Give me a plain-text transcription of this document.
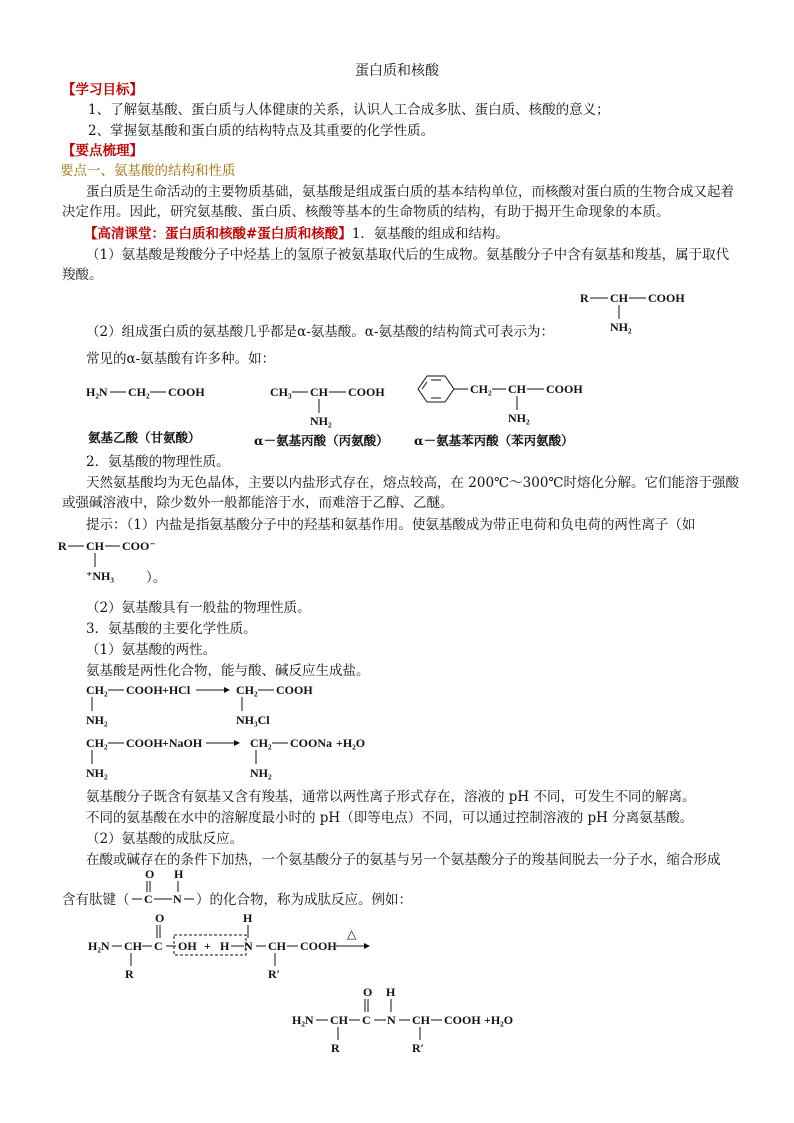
蛋白质和核酸
【学习目标】
1、了解氨基酸、蛋白质与人体健康的关系，认识人工合成多肽、蛋白质、核酸的意义；
2、掌握氨基酸和蛋白质的结构特点及其重要的化学性质。
【要点梳理】
要点一、氨基酸的结构和性质
蛋白质是生命活动的主要物质基础，氨基酸是组成蛋白质的基本结构单位，而核酸对蛋白质的生物合成又起着决定作用。因此，研究氨基酸、蛋白质、核酸等基本的生命物质的结构，有助于揭开生命现象的本质。
【高清课堂：蛋白质和核酸#蛋白质和核酸】1．氨基酸的组成和结构。
（1）氨基酸是羧酸分子中烃基上的氢原子被氨基取代后的生成物。氨基酸分子中含有氨基和羧基，属于取代羧酸。
R CH COOH
NH₂
（2）组成蛋白质的氨基酸几乎都是α-氨基酸。α-氨基酸的结构简式可表示为：
常见的α-氨基酸有许多种。如：
H₂N CH₂ COOH	CH₃ CH COOH
NH₂
CH₂ CH COOH
NH₂
氨基乙酸（甘氨酸）	α－氨基丙酸（丙氨酸） α－氨基苯丙酸（苯丙氨酸）
2．氨基酸的物理性质。
天然氨基酸均为无色晶体，主要以内盐形式存在，熔点较高，在 200℃～300℃时熔化分解。它们能溶于强酸或强碱溶液中，除少数外一般都能溶于水，而难溶于乙醇、乙醚。
提示：（1）内盐是指氨基酸分子中的羟基和氨基作用。使氨基酸成为带正电荷和负电荷的两性离子（如
R CH COO⁻
⁺NH₃ ）。
（2）氨基酸具有一般盐的物理性质。
3．氨基酸的主要化学性质。
（1）氨基酸的两性。
氨基酸是两性化合物，能与酸、碱反应生成盐。
CH₂ COOH +HCl
NH₂
CH₂ COOH
NH₃Cl
CH₂ COOH +NaOH
NH₂
CH₂ COONa +H₂O
NH₂
氨基酸分子既含有氨基又含有羧基，通常以两性离子形式存在，溶液的 pH 不同，可发生不同的解离。
不同的氨基酸在水中的溶解度最小时的 pH（即等电点）不同，可以通过控制溶液的 pH 分离氨基酸。
（2）氨基酸的成肽反应。
在酸或碱存在的条件下加热，一个氨基酸分子的氨基与另一个氨基酸分子的羧基间脱去一分子水，缩合形成
含有肽键（
O H
C N ）的化合物，称为成肽反应。例如：
H₂N CH
R
C
O
OH + H N
H
CH COOH
R′
△
H₂N CH
R
C
O
N
H
CH COOH +H₂O
R′
